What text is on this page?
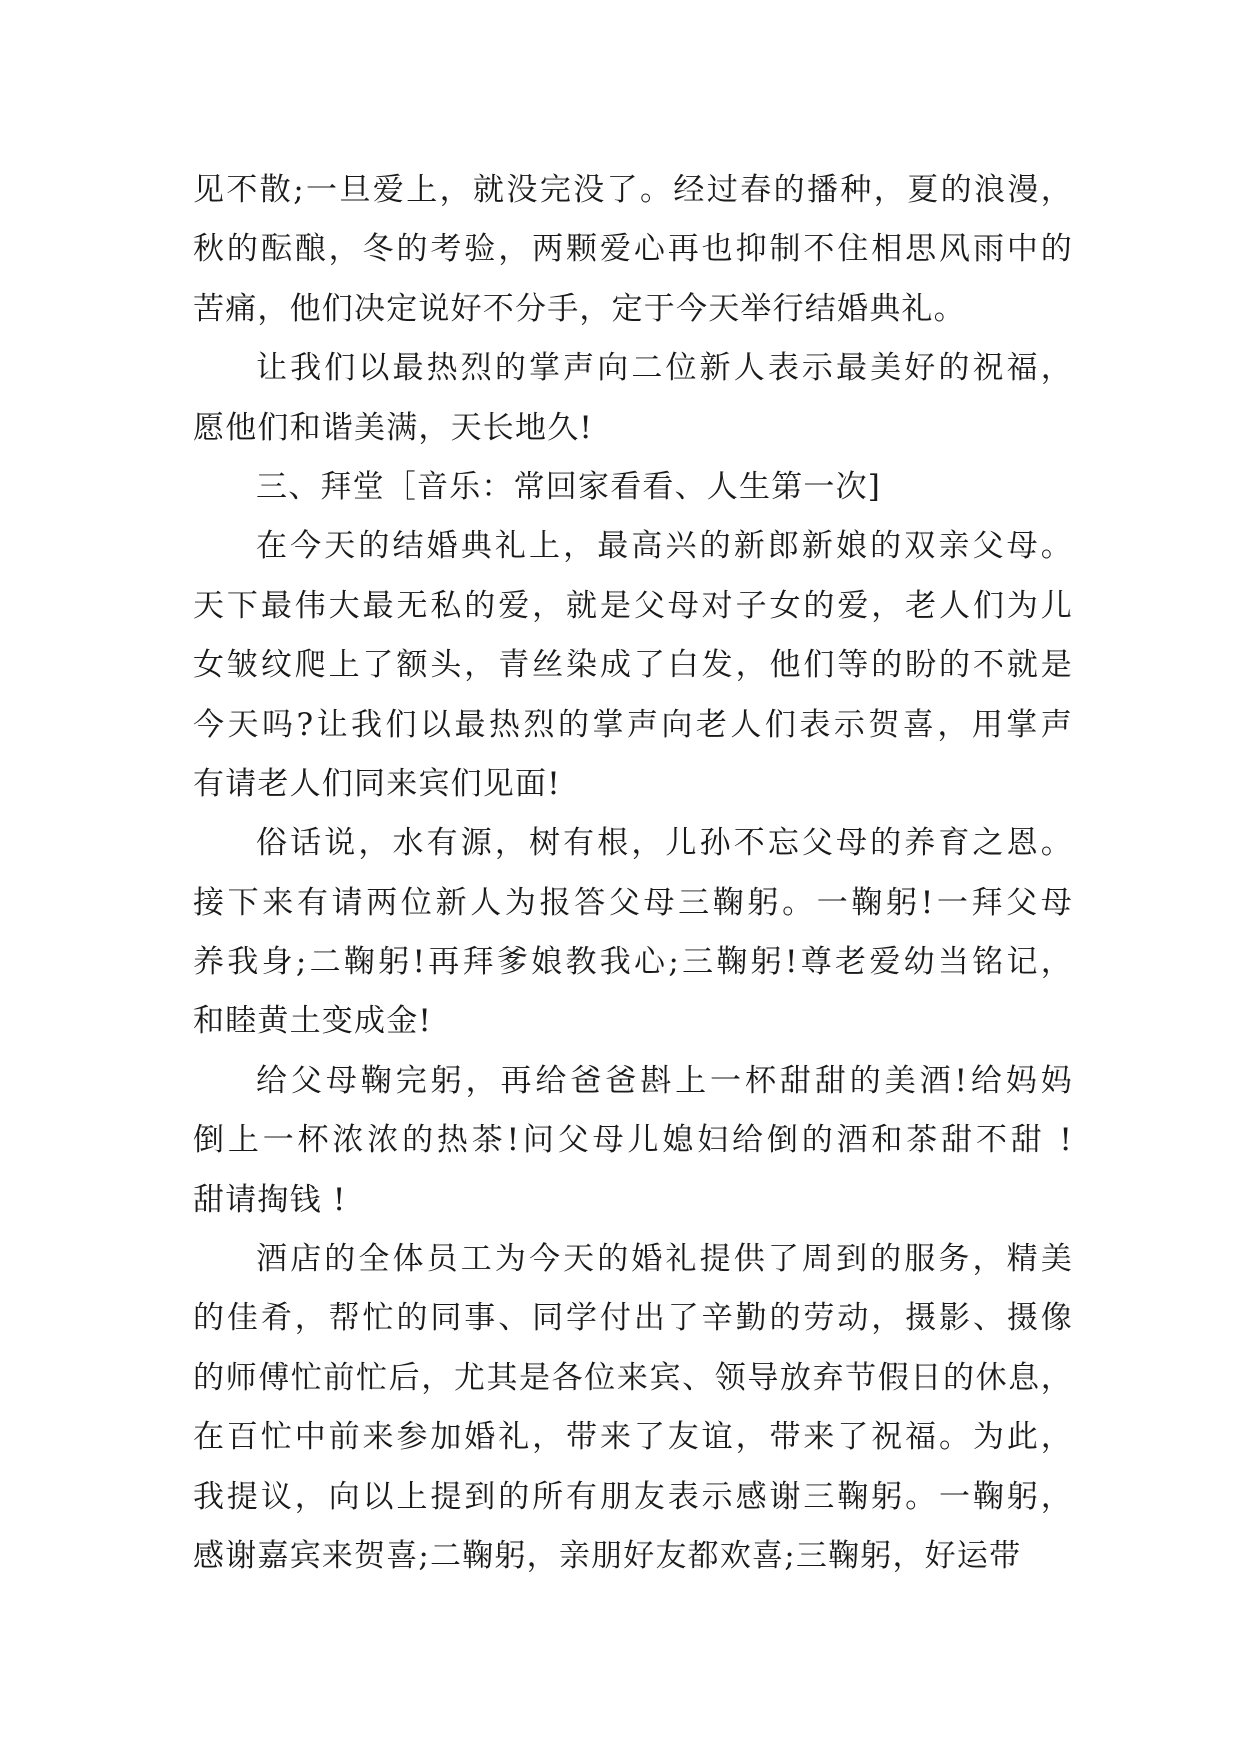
见不散;一旦爱上，就没完没了。经过春的播种，夏的浪漫，
秋的酝酿，冬的考验，两颗爱心再也抑制不住相思风雨中的
苦痛，他们决定说好不分手，定于今天举行结婚典礼。
让我们以最热烈的掌声向二位新人表示最美好的祝福，
愿他们和谐美满，天长地久!
三、拜堂［音乐：常回家看看、人生第一次]
在今天的结婚典礼上，最高兴的新郎新娘的双亲父母。
天下最伟大最无私的爱，就是父母对子女的爱，老人们为儿
女皱纹爬上了额头，青丝染成了白发，他们等的盼的不就是
今天吗?让我们以最热烈的掌声向老人们表示贺喜，用掌声
有请老人们同来宾们见面!
俗话说，水有源，树有根，儿孙不忘父母的养育之恩。
接下来有请两位新人为报答父母三鞠躬。一鞠躬!一拜父母
养我身;二鞠躬!再拜爹娘教我心;三鞠躬!尊老爱幼当铭记，
和睦黄土变成金!
给父母鞠完躬，再给爸爸斟上一杯甜甜的美酒!给妈妈
倒上一杯浓浓的热茶!问父母儿媳妇给倒的酒和茶甜不甜 !
甜请掏钱 !
酒店的全体员工为今天的婚礼提供了周到的服务，精美
的佳肴，帮忙的同事、同学付出了辛勤的劳动，摄影、摄像
的师傅忙前忙后，尤其是各位来宾、领导放弃节假日的休息，
在百忙中前来参加婚礼，带来了友谊，带来了祝福。为此，
我提议，向以上提到的所有朋友表示感谢三鞠躬。一鞠躬，
感谢嘉宾来贺喜;二鞠躬，亲朋好友都欢喜;三鞠躬，好运带
